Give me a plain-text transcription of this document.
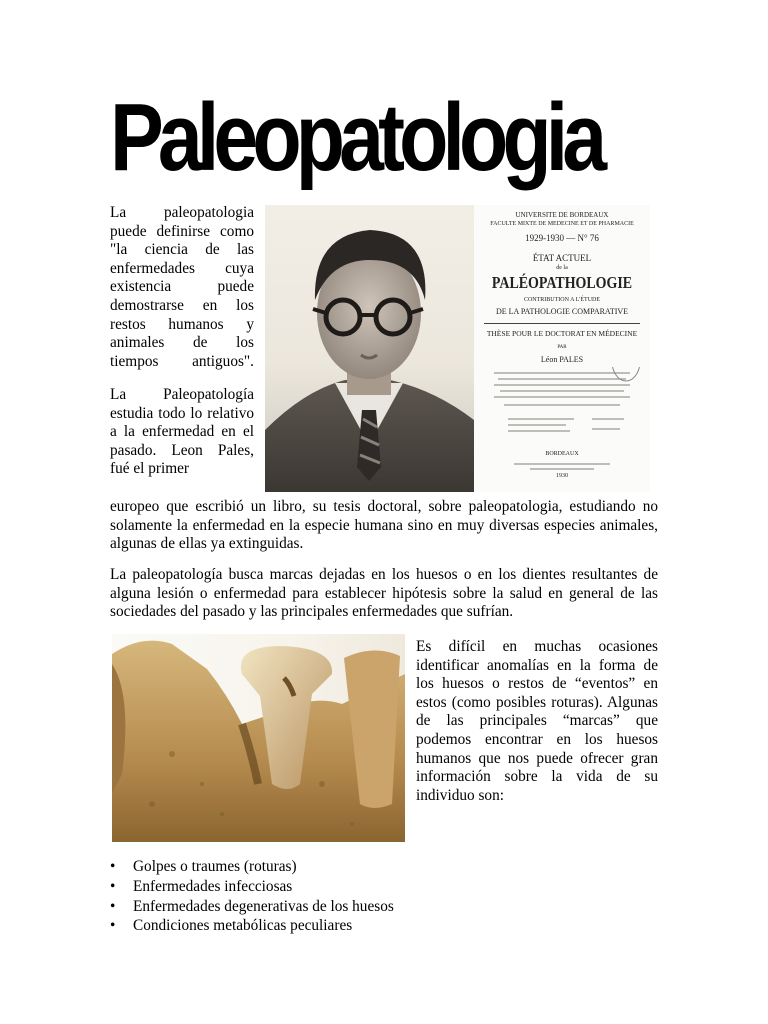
Paleopatologia

La paleopatologia puede definirse como "la ciencia de las enfermedades cuya existencia puede demostrarse en los restos humanos y animales de los tiempos antiguos".

UNIVERSITE DE BORDEAUX
FACULTE MIXTE DE MEDECINE ET DE PHARMACIE
1929-1930 — N° 76
ÉTAT ACTUEL
de la
PALÉOPATHOLOGIE
CONTRIBUTION A L'ÉTUDE
DE LA PATHOLOGIE COMPARATIVE
THÈSE POUR LE DOCTORAT EN MÉDECINE
PAR
Léon PALES
BORDEAUX
1930

La Paleopatología estudia todo lo relativo a la enfermedad en el pasado. Leon Pales, fué el primer

europeo que escribió un libro, su tesis doctoral, sobre paleopatologia, estudiando no solamente la enfermedad en la especie humana sino en muy diversas especies animales, algunas de ellas ya extinguidas.

La paleopatología busca marcas dejadas en los huesos o en los dientes resultantes de alguna lesión o enfermedad para establecer hipótesis sobre la salud en general de las sociedades del pasado y las principales enfermedades que sufrían.

Es difícil en muchas ocasiones identificar anomalías en la forma de los huesos o restos de “eventos” en estos (como posibles roturas). Algunas de las principales “marcas” que podemos encontrar en los huesos humanos que nos puede ofrecer gran información sobre la vida de su individuo son:

• Golpes o traumes (roturas)
• Enfermedades infecciosas
• Enfermedades degenerativas de los huesos
• Condiciones metabólicas peculiares
